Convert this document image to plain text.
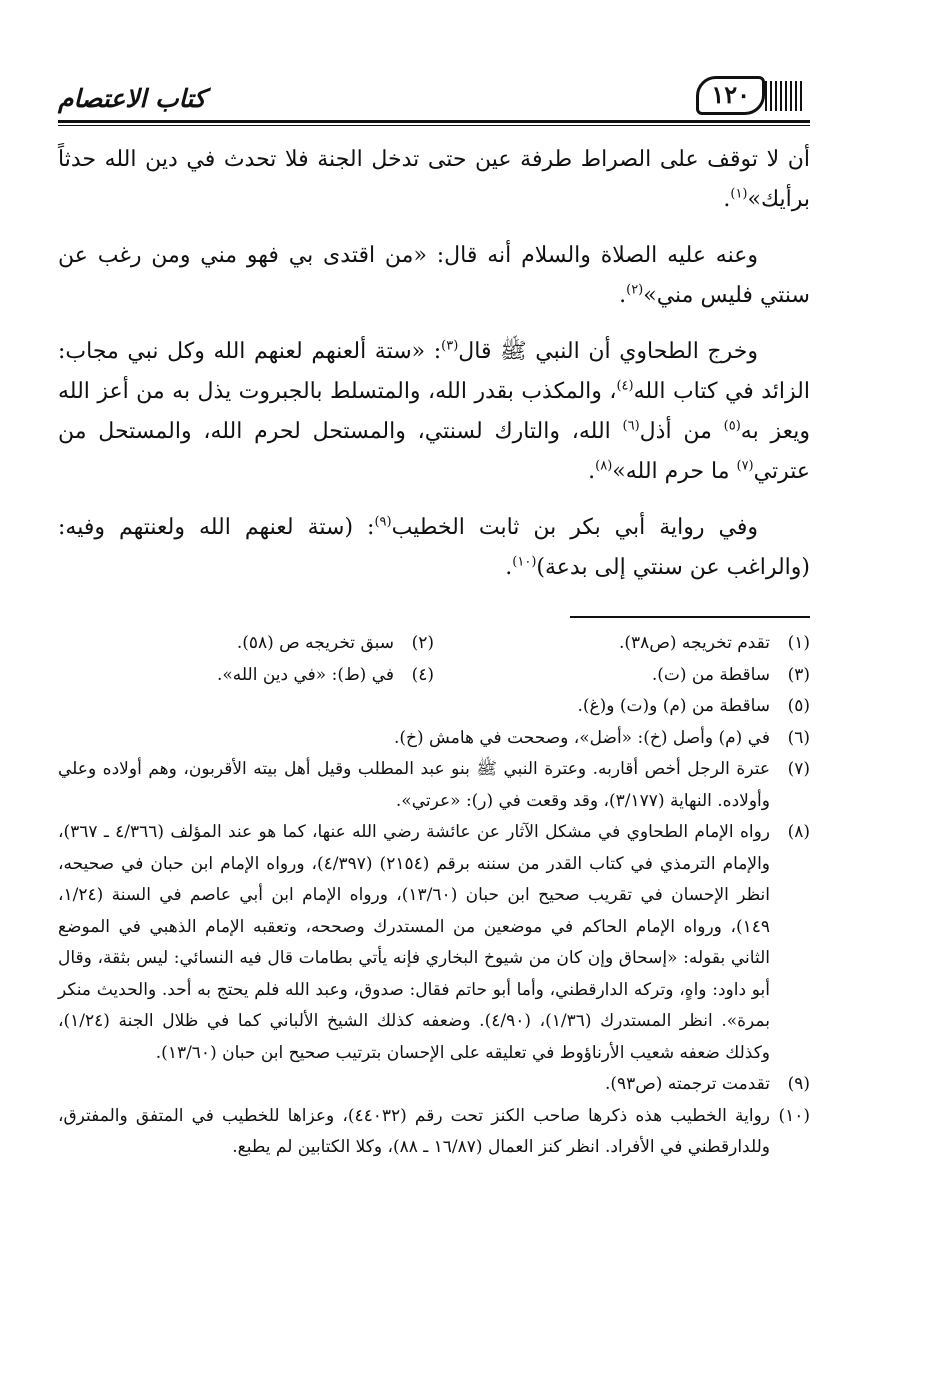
١٢٠
كتاب الاعتصام

أن لا توقف على الصراط طرفة عين حتى تدخل الجنة فلا تحدث في دين الله حدثاً برأيك»$^{(١)}$.

وعنه عليه الصلاة والسلام أنه قال: «من اقتدى بي فهو مني ومن رغب عن سنتي فليس مني»$^{(٢)}$.

وخرج الطحاوي أن النبي ﷺ قال$^{(٣)}$: «ستة ألعنهم لعنهم الله وكل نبي مجاب: الزائد في كتاب الله$^{(٤)}$، والمكذب بقدر الله، والمتسلط بالجبروت يذل به من أعز الله ويعز به$^{(٥)}$ من أذل$^{(٦)}$ الله، والتارك لسنتي، والمستحل لحرم الله، والمستحل من عترتي$^{(٧)}$ ما حرم الله»$^{(٨)}$.

وفي رواية أبي بكر بن ثابت الخطيب$^{(٩)}$: (ستة لعنهم الله ولعنتهم وفيه: (والراغب عن سنتي إلى بدعة)$^{(١٠)}$.

(١)
تقدم تخريجه (ص٣٨).
(٢)
سبق تخريجه ص (٥٨).
(٣)
ساقطة من (ت).
(٤)
في (ط): «في دين الله».
(٥)
ساقطة من (م) و(ت) و(غ).
(٦)
في (م) وأصل (خ): «أضل»، وصححت في هامش (خ).
(٧)
عترة الرجل أخص أقاربه. وعترة النبي ﷺ بنو عبد المطلب وقيل أهل بيته الأقربون، وهم أولاده وعلي وأولاده. النهاية (٣/١٧٧)، وقد وقعت في (ر): «عرتي».
(٨)
رواه الإمام الطحاوي في مشكل الآثار عن عائشة رضي الله عنها، كما هو عند المؤلف (٤/٣٦٦ ـ ٣٦٧)، والإمام الترمذي في كتاب القدر من سننه برقم (٢١٥٤) (٤/٣٩٧)، ورواه الإمام ابن حبان في صحيحه، انظر الإحسان في تقريب صحيح ابن حبان (١٣/٦٠)، ورواه الإمام ابن أبي عاصم في السنة (١/٢٤، ١٤٩)، ورواه الإمام الحاكم في موضعين من المستدرك وصححه، وتعقبه الإمام الذهبي في الموضع الثاني بقوله: «إسحاق وإن كان من شيوخ البخاري فإنه يأتي بطامات قال فيه النسائي: ليس بثقة، وقال أبو داود: واهٍ، وتركه الدارقطني، وأما أبو حاتم فقال: صدوق، وعبد الله فلم يحتج به أحد. والحديث منكر بمرة». انظر المستدرك (١/٣٦)، (٤/٩٠). وضعفه كذلك الشيخ الألباني كما في ظلال الجنة (١/٢٤)، وكذلك ضعفه شعيب الأرناؤوط في تعليقه على الإحسان بترتيب صحيح ابن حبان (١٣/٦٠).
(٩)
تقدمت ترجمته (ص٩٣).
(١٠)
رواية الخطيب هذه ذكرها صاحب الكنز تحت رقم (٤٤٠٣٢)، وعزاها للخطيب في المتفق والمفترق، وللدارقطني في الأفراد. انظر كنز العمال (١٦/٨٧ ـ ٨٨)، وكلا الكتابين لم يطبع.
